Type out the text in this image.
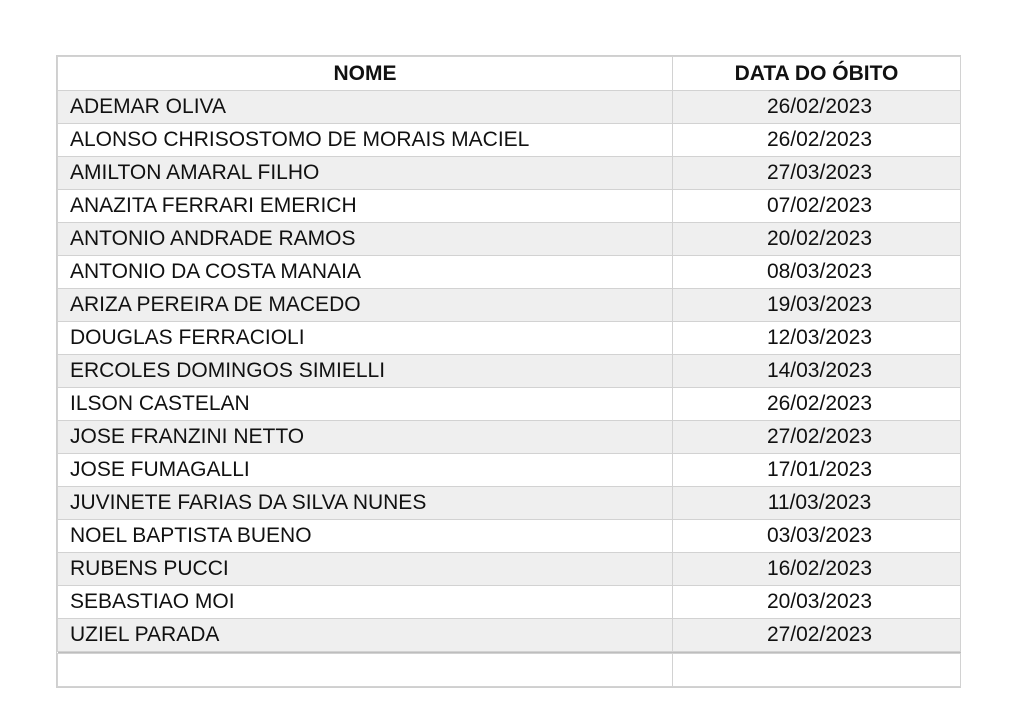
NOME	DATA DO ÓBITO
ADEMAR OLIVA	26/02/2023
ALONSO CHRISOSTOMO DE MORAIS MACIEL	26/02/2023
AMILTON AMARAL FILHO	27/03/2023
ANAZITA FERRARI EMERICH	07/02/2023
ANTONIO ANDRADE RAMOS	20/02/2023
ANTONIO DA COSTA MANAIA	08/03/2023
ARIZA PEREIRA DE MACEDO	19/03/2023
DOUGLAS FERRACIOLI	12/03/2023
ERCOLES DOMINGOS SIMIELLI	14/03/2023
ILSON CASTELAN	26/02/2023
JOSE FRANZINI NETTO	27/02/2023
JOSE FUMAGALLI	17/01/2023
JUVINETE FARIAS DA SILVA NUNES	11/03/2023
NOEL BAPTISTA BUENO	03/03/2023
RUBENS PUCCI	16/02/2023
SEBASTIAO MOI	20/03/2023
UZIEL PARADA	27/02/2023
